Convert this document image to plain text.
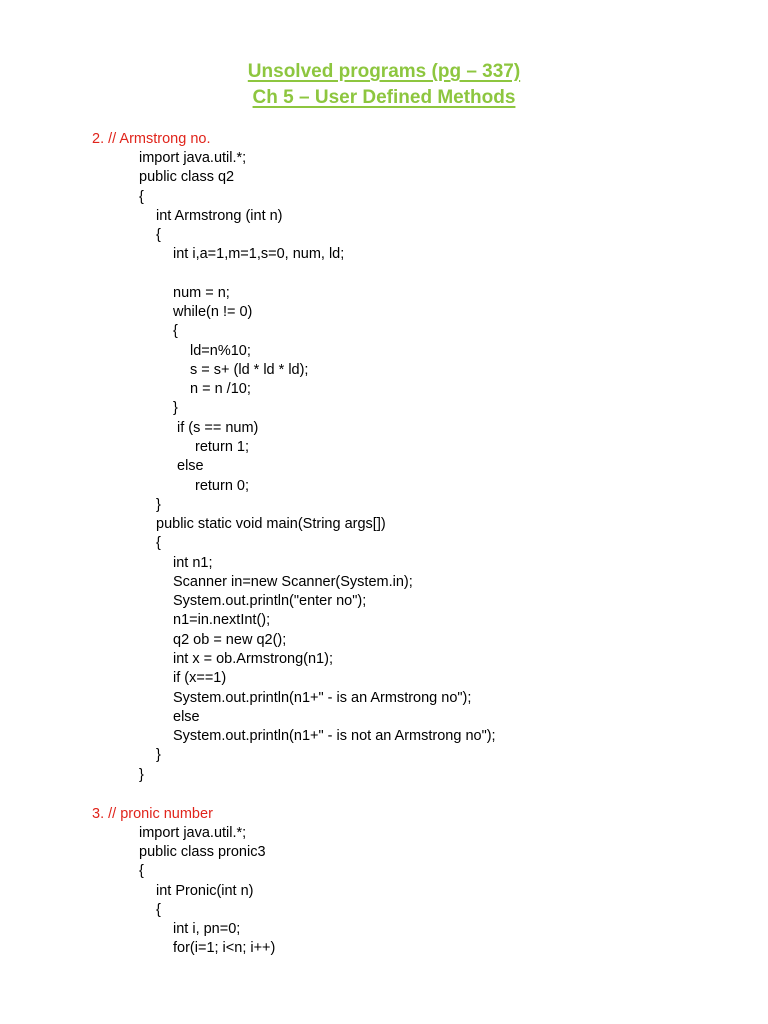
Unsolved programs (pg – 337)
Ch 5 – User Defined Methods
2. // Armstrong no.
import java.util.*;
public class q2
{
int Armstrong (int n)
{
int i,a=1,m=1,s=0, num, ld;
num = n;
while(n != 0)
{
ld=n%10;
s = s+ (ld * ld * ld);
n = n /10;
}
if (s == num)
return 1;
else
return 0;
}
public static void main(String args[])
{
int n1;
Scanner in=new Scanner(System.in);
System.out.println("enter no");
n1=in.nextInt();
q2 ob = new q2();
int x = ob.Armstrong(n1);
if (x==1)
System.out.println(n1+" - is an Armstrong no");
else
System.out.println(n1+" - is not an Armstrong no");
}
}
3. // pronic number
import java.util.*;
public class pronic3
{
int Pronic(int n)
{
int i, pn=0;
for(i=1; i<n; i++)
